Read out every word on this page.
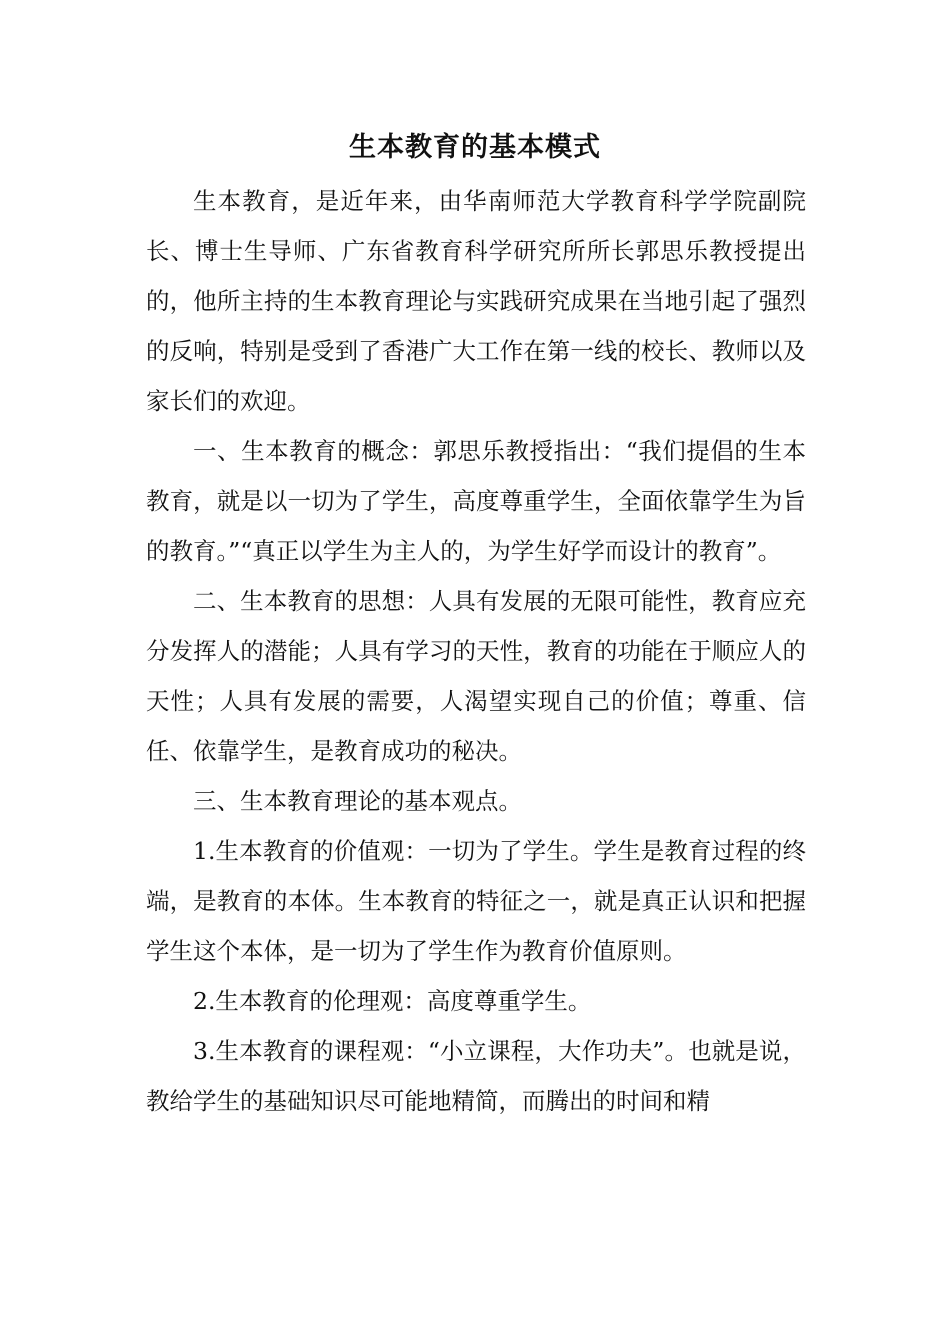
生本教育的基本模式

生本教育，是近年来，由华南师范大学教育科学学院副院长、博士生导师、广东省教育科学研究所所长郭思乐教授提出的，他所主持的生本教育理论与实践研究成果在当地引起了强烈的反响，特别是受到了香港广大工作在第一线的校长、教师以及家长们的欢迎。

一、生本教育的概念：郭思乐教授指出：“我们提倡的生本教育，就是以一切为了学生，高度尊重学生，全面依靠学生为旨的教育。”“真正以学生为主人的，为学生好学而设计的教育”。

二、生本教育的思想：人具有发展的无限可能性，教育应充分发挥人的潜能；人具有学习的天性，教育的功能在于顺应人的天性；人具有发展的需要，人渴望实现自己的价值；尊重、信任、依靠学生，是教育成功的秘决。

三、生本教育理论的基本观点。

1.生本教育的价值观：一切为了学生。学生是教育过程的终端，是教育的本体。生本教育的特征之一，就是真正认识和把握学生这个本体，是一切为了学生作为教育价值原则。

2.生本教育的伦理观：高度尊重学生。

3.生本教育的课程观：“小立课程，大作功夫”。也就是说，教给学生的基础知识尽可能地精简，而腾出的时间和精
